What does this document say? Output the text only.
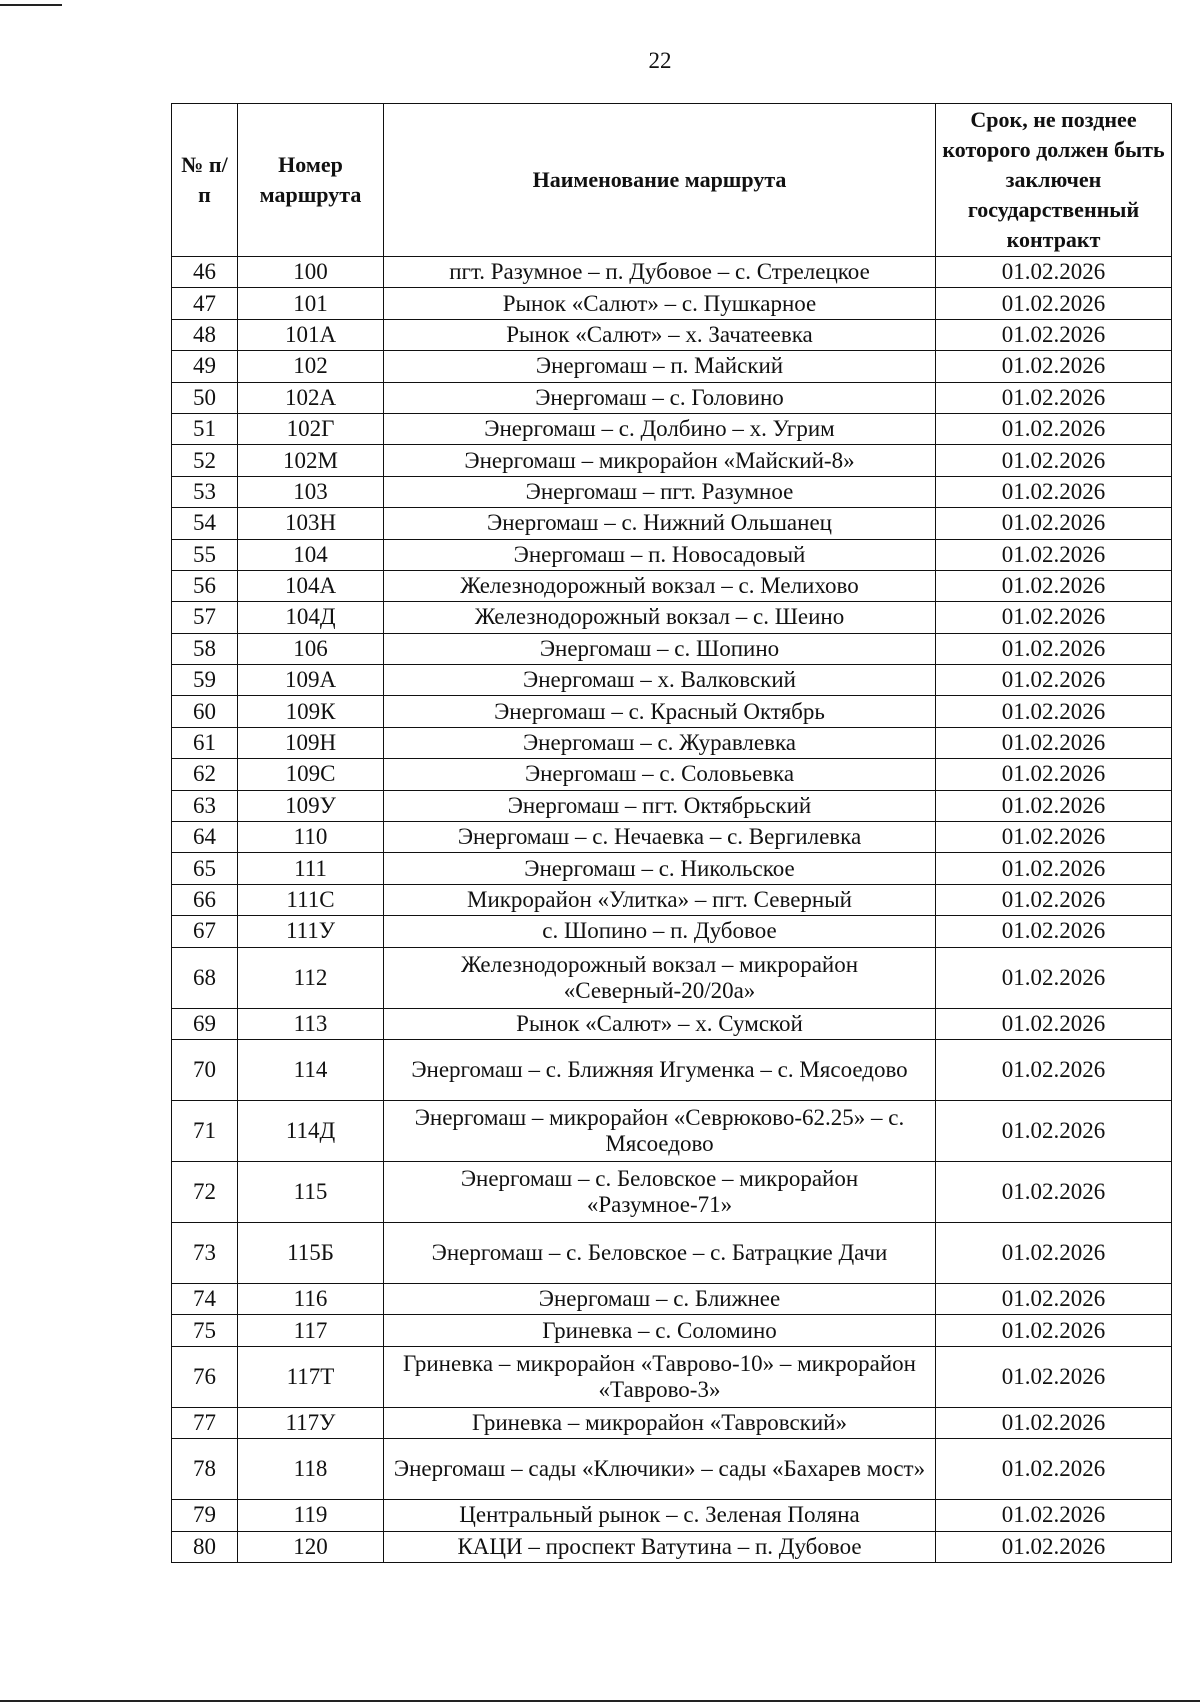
22
№ п/п	Номер маршрута	Наименование маршрута	Срок, не позднее которого должен быть заключен государственный контракт
46	100	пгт. Разумное – п. Дубовое – с. Стрелецкое	01.02.2026
47	101	Рынок «Салют» – с. Пушкарное	01.02.2026
48	101А	Рынок «Салют» – х. Зачатеевка	01.02.2026
49	102	Энергомаш – п. Майский	01.02.2026
50	102А	Энергомаш – с. Головино	01.02.2026
51	102Г	Энергомаш – с. Долбино – х. Угрим	01.02.2026
52	102М	Энергомаш – микрорайон «Майский-8»	01.02.2026
53	103	Энергомаш – пгт. Разумное	01.02.2026
54	103Н	Энергомаш – с. Нижний Ольшанец	01.02.2026
55	104	Энергомаш – п. Новосадовый	01.02.2026
56	104А	Железнодорожный вокзал – с. Мелихово	01.02.2026
57	104Д	Железнодорожный вокзал – с. Шеино	01.02.2026
58	106	Энергомаш – с. Шопино	01.02.2026
59	109А	Энергомаш – х. Валковский	01.02.2026
60	109К	Энергомаш – с. Красный Октябрь	01.02.2026
61	109Н	Энергомаш – с. Журавлевка	01.02.2026
62	109С	Энергомаш – с. Соловьевка	01.02.2026
63	109У	Энергомаш – пгт. Октябрьский	01.02.2026
64	110	Энергомаш – с. Нечаевка – с. Вергилевка	01.02.2026
65	111	Энергомаш – с. Никольское	01.02.2026
66	111С	Микрорайон «Улитка» – пгт. Северный	01.02.2026
67	111У	с. Шопино – п. Дубовое	01.02.2026
68	112	Железнодорожный вокзал – микрорайон «Северный-20/20а»	01.02.2026
69	113	Рынок «Салют» – х. Сумской	01.02.2026
70	114	Энергомаш – с. Ближняя Игуменка – с. Мясоедово	01.02.2026
71	114Д	Энергомаш – микрорайон «Севрюково-62.25» – с. Мясоедово	01.02.2026
72	115	Энергомаш – с. Беловское – микрорайон «Разумное-71»	01.02.2026
73	115Б	Энергомаш – с. Беловское – с. Батрацкие Дачи	01.02.2026
74	116	Энергомаш – с. Ближнее	01.02.2026
75	117	Гриневка – с. Соломино	01.02.2026
76	117Т	Гриневка – микрорайон «Таврово-10» – микрорайон «Таврово-3»	01.02.2026
77	117У	Гриневка – микрорайон «Тавровский»	01.02.2026
78	118	Энергомаш – сады «Ключики» – сады «Бахарев мост»	01.02.2026
79	119	Центральный рынок – с. Зеленая Поляна	01.02.2026
80	120	КАЦИ – проспект Ватутина – п. Дубовое	01.02.2026
